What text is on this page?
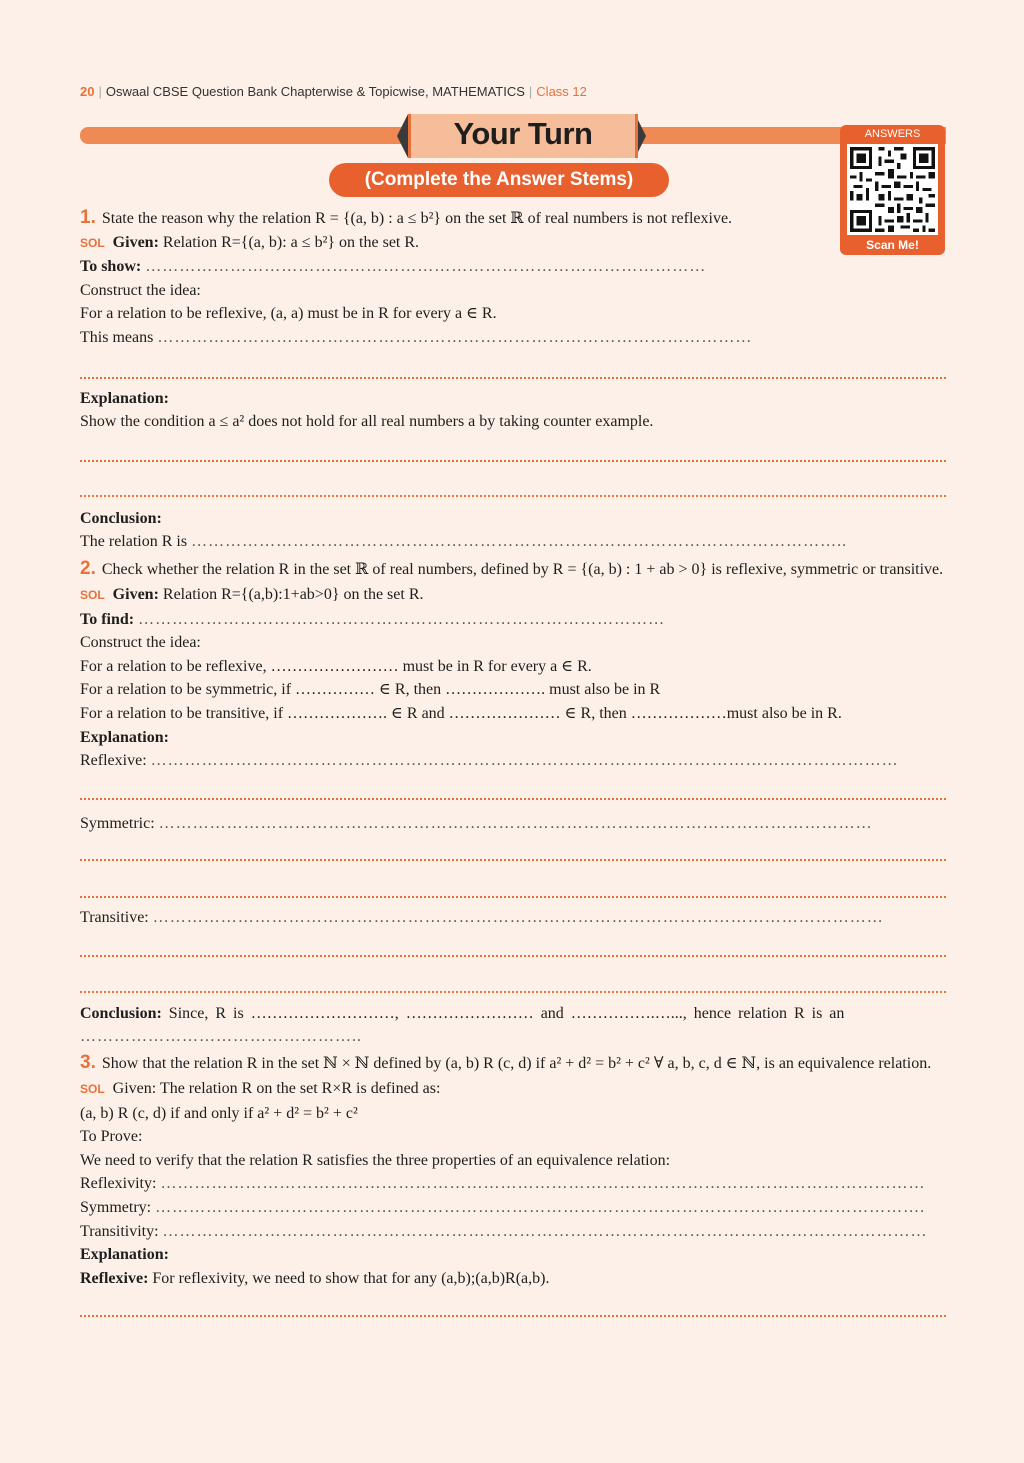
20 | Oswaal CBSE Question Bank Chapterwise & Topicwise, MATHEMATICS | Class 12
Your Turn
(Complete the Answer Stems)
ANSWERS
Scan Me!
1. State the reason why the relation R = {(a, b) : a ≤ b²} on the set ℝ of real numbers is not reflexive.
SOL Given: Relation R={(a, b): a ≤ b²} on the set R.
To show: ………………………………………………………………………………………
Construct the idea:
For a relation to be reflexive, (a, a) must be in R for every a ∈ R.
This means ……………………………………………………………………………………………
Explanation:
Show the condition a ≤ a² does not hold for all real numbers a by taking counter example.
Conclusion:
The relation R is ……………………………………………………………………………………………………..
2. Check whether the relation R in the set ℝ of real numbers, defined by R = {(a, b) : 1 + ab > 0} is reflexive, symmetric or transitive.
SOL Given: Relation R={(a,b):1+ab>0} on the set R.
To find: …………………………………………………………………………………
Construct the idea:
For a relation to be reflexive, …………………… must be in R for every a ∈ R.
For a relation to be symmetric, if …………… ∈ R, then ………………. must also be in R
For a relation to be transitive, if ………………. ∈ R and ………………… ∈ R, then ………………must also be in R.
Explanation:
Reflexive: ……………………………………………………………………………………………………………………
Symmetric: ………………………………………………………………………………………………………………
Transitive: …………………………………………………………………………………………………………………
Conclusion: Since, R is ………………………, …………………… and …………….…..., hence relation R is an
…………………………………………..
3. Show that the relation R in the set ℕ × ℕ defined by (a, b) R (c, d) if a² + d² = b² + c² ∀ a, b, c, d ∈ ℕ, is an equivalence relation.
SOL Given: The relation R on the set R×R is defined as:
(a, b) R (c, d) if and only if a² + d² = b² + c²
To Prove:
We need to verify that the relation R satisfies the three properties of an equivalence relation:
Reflexivity: ………………………………………………………………………………………………………………………
Symmetry: ……………………………………………………………………………………………………………………….
Transitivity: ………………………………………………………………………………………………………………………
Explanation:
Reflexive: For reflexivity, we need to show that for any (a,b);(a,b)R(a,b).
